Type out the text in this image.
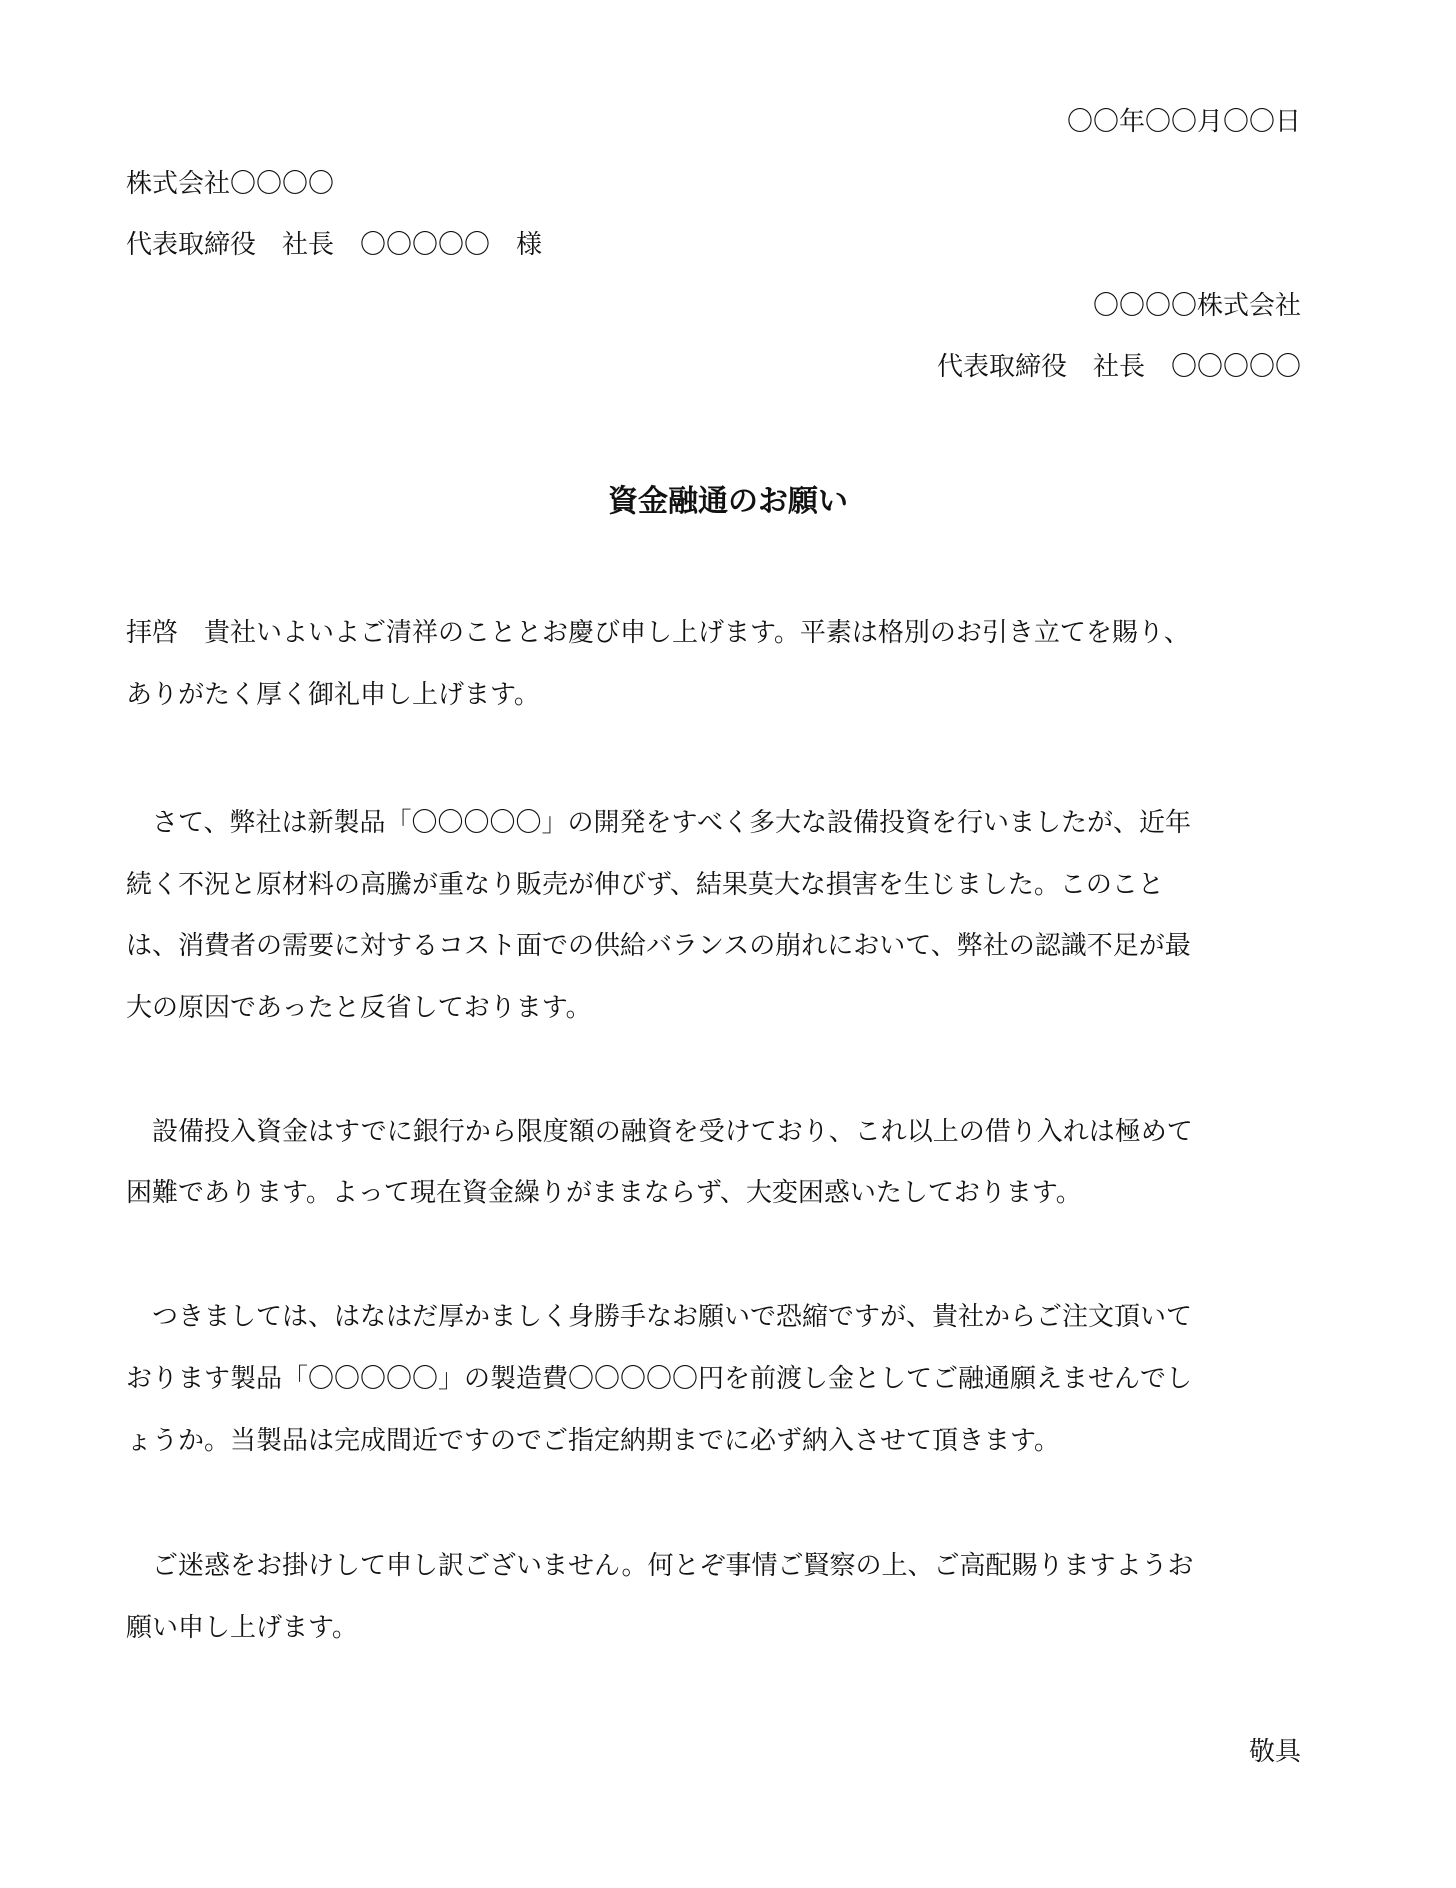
〇〇年〇〇月〇〇日
株式会社〇〇〇〇
代表取締役　社長　〇〇〇〇〇　様
〇〇〇〇株式会社
代表取締役　社長　〇〇〇〇〇
資金融通のお願い
拝啓　貴社いよいよご清祥のこととお慶び申し上げます。平素は格別のお引き立てを賜り、
ありがたく厚く御礼申し上げます。
　さて、弊社は新製品「〇〇〇〇〇」の開発をすべく多大な設備投資を行いましたが、近年
続く不況と原材料の高騰が重なり販売が伸びず、結果莫大な損害を生じました。このこと
は、消費者の需要に対するコスト面での供給バランスの崩れにおいて、弊社の認識不足が最
大の原因であったと反省しております。
　設備投入資金はすでに銀行から限度額の融資を受けており、これ以上の借り入れは極めて
困難であります。よって現在資金繰りがままならず、大変困惑いたしております。
　つきましては、はなはだ厚かましく身勝手なお願いで恐縮ですが、貴社からご注文頂いて
おります製品「〇〇〇〇〇」の製造費〇〇〇〇〇円を前渡し金としてご融通願えませんでし
ょうか。当製品は完成間近ですのでご指定納期までに必ず納入させて頂きます。
　ご迷惑をお掛けして申し訳ございません。何とぞ事情ご賢察の上、ご高配賜りますようお
願い申し上げます。
敬具
